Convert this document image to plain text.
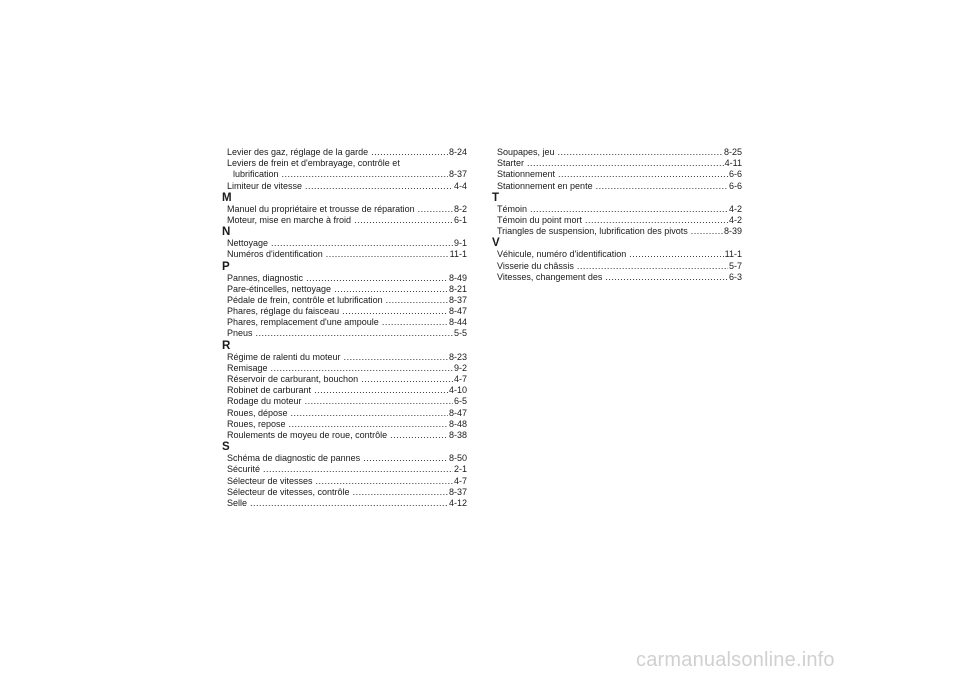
Levier des gaz, réglage de la garde .....	8-24
Leviers de frein et d'embrayage, contrôle et
lubrification .....	8-37
Limiteur de vitesse .....	4-4
M
Manuel du propriétaire et trousse de réparation .....	8-2
Moteur, mise en marche à froid .....	6-1
N
Nettoyage .....	9-1
Numéros d'identification .....	11-1
P
Pannes, diagnostic .....	8-49
Pare-étincelles, nettoyage .....	8-21
Pédale de frein, contrôle et lubrification .....	8-37
Phares, réglage du faisceau .....	8-47
Phares, remplacement d'une ampoule .....	8-44
Pneus .....	5-5
R
Régime de ralenti du moteur .....	8-23
Remisage .....	9-2
Réservoir de carburant, bouchon .....	4-7
Robinet de carburant .....	4-10
Rodage du moteur .....	6-5
Roues, dépose .....	8-47
Roues, repose .....	8-48
Roulements de moyeu de roue, contrôle .....	8-38
S
Schéma de diagnostic de pannes .....	8-50
Sécurité .....	2-1
Sélecteur de vitesses .....	4-7
Sélecteur de vitesses, contrôle .....	8-37
Selle .....	4-12
Soupapes, jeu .....	8-25
Starter .....	4-11
Stationnement .....	6-6
Stationnement en pente .....	6-6
T
Témoin .....	4-2
Témoin du point mort .....	4-2
Triangles de suspension, lubrification des pivots .....	8-39
V
Véhicule, numéro d'identification .....	11-1
Visserie du châssis .....	5-7
Vitesses, changement des .....	6-3
carmanualsonline.info
